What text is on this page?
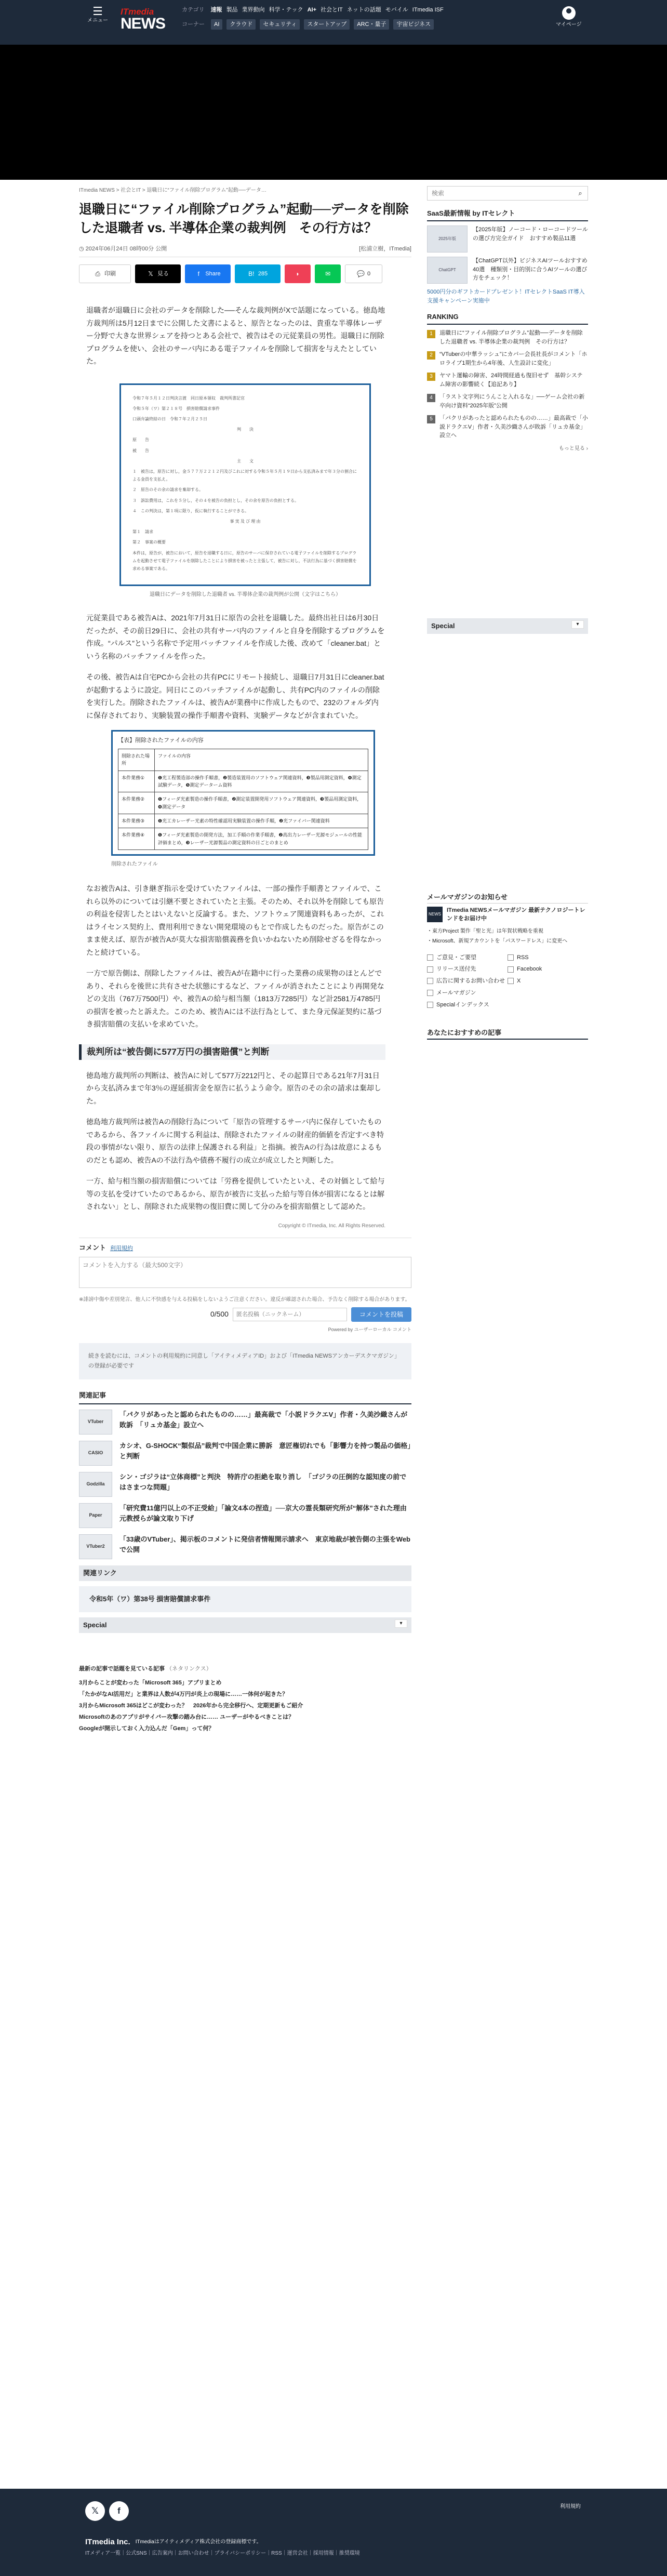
☰
メニュー
ITmedia
NEWS
カテゴリ 速報 製品 業界動向 科学・テック AI+ 社会とIT ネットの話題 モバイル ITmedia ISF
コーナー	AI	クラウド	セキュリティ	スタートアップ	ARC・量子	宇宙ビジネス	マイページ
ITmedia NEWS > 社会とIT > 退職日に“ファイル削除プログラム”起動──データ…
退職日に“ファイル削除プログラム”起動──データを削除した退職者 vs. 半導体企業の裁判例　その行方は？
◷ 2024年06月24日 08時00分 公開	[松浦立樹，ITmedia]
⎙ 印刷	𝕏 見る	f	Share	B! 285	◗	✉	💬 0

退職者が退職日に会社のデータを削除した──そんな裁判例がXで話題になっている。徳島地方裁判所は5月12日までに公開した文書によると、原告となったのは、貴重な半導体レーザー分野で大きな世界シェアを持つとある会社で、被告はその元従業員の男性。退職日に削除プログラムを使い、会社のサーバ内にある電子ファイルを削除して損害を与えたとしていた。

令和７年５月１２日判決言渡　同日原本領収　裁判所書記官
令和５年（ワ）第２１８号　損害賠償請求事件
口頭弁論終結の日　令和７年２月２５日
判　　決
原　　告
被　　告
主　　文
１　被告は，原告に対し，金５７７万２２１２円及びこれに対する令和５年５月１９日から支払済みまで年３分の割合による金員を支払え。
２　原告のその余の請求を棄却する。
３　訴訟費用は，これを５分し，その４を被告の負担とし，その余を原告の負担とする。
４　この判決は，第１項に限り，仮に執行することができる。
事 実 及 び 理 由
第１　請求
第２　事案の概要
本件は，原告が，被告において，原告を退職する日に，原告のサーバに保存されている電子ファイルを削除するプログラムを起動させて電子ファイルを削除したことにより損害を被ったと主張して，被告に対し，不法行為に基づく損害賠償を求める事案である。
退職日にデータを削除した退職者 vs. 半導体企業の裁判例が公開（文字はこちら）

元従業員である被告Aは、2021年7月31日に原告の会社を退職した。最終出社日は6月30日だったが、その前日29日に、会社の共有サーバ内のファイルと自身を削除するプログラムを作成。“パルス”という名称で予定用バッチファイルを作成した後、改めて「cleaner.bat」という名称のバッチファイルを作った。

その後、被告Aは自宅PCから会社の共有PCにリモート接続し、退職日7月31日にcleaner.batが起動するように設定。同日にこのバッチファイルが起動し、共有PC内のファイルの削除を実行した。削除されたファイルは、被告Aが業務中に作成したもので、232のフォルダ内に保存されており、実験装置の操作手順書や資料、実験データなどが含まれていた。

【表】削除されたファイルの内容
削除された場所	ファイルの内容
本件業務①	❶光工程製造部の操作手順書，❷製造装置用のソフトウェア関連資料，❸製品用測定資料，❹測定試験データ，❺測定データーム資料
本件業務②	❶フィーダ光素製造の操作手順書，❷測定装置開発用ソフトウェア関連資料，❸製品用測定資料，❹測定データ
本件業務③	❶光工カレーザー光素の特性確認用実験装置の操作手順，❷光ファイバー関連資料
本件業務④	❶フィーダ光素製造の開発方法，加工手順の作業手順書，❷高出力レーザー光源モジュールの性能評価まとめ，❸レーザー光源製品の測定資料の日ごとのまとめ
削除されたファイル

なお被告Aは、引き継ぎ指示を受けていたファイルは、一部の操作手順書とファイルで、これら以外のについては引継不要とされていたと主張。そのため、それ以外を削除しても原告の利益を侵害したとはいえないと反論する。また、ソフトウェア関連資料もあったが、これはライセンス契約上、費用利用できない開発環境のもとで作成したものだった。原告がこのまま使えば、原告が被告Aが莫大な損害賠償義務を負いかねないため削除せざるを得なかったと続けている。

一方で原告側は、削除したファイルは、被告Aが在籍中に行った業務の成果物のほとんどであり、それらを後世に共有させた状態にするなど、ファイルが消されたことにより再開発などの支出（767万7500円）や、被告Aの給与相当額（1813万7285円）など計2581万4785円の損害を被ったと訴えた。このため、被告Aには不法行為として、また身元保証契約に基づき損害賠償の支払いを求めていた。

裁判所は“被告側に577万円の損害賠償”と判断

徳島地方裁判所の判断は、被告Aに対して577万2212円と、その起算日である21年7月31日から支払済みまで年3％の遅延損害金を原告に払うよう命令。原告のその余の請求は棄却した。

徳島地方裁判所は被告Aの削除行為について「原告の管理するサーバ内に保存していたものであるから、各ファイルに関する利益は、削除されたファイルの財産的価値を否定すべき特段の事情がない限り、原告の法律上保護される利益」と指摘。被告Aの行為は故意によるものだとも認め、被告Aの不法行為や債務不履行の成立が成立したと判断した。

一方、給与相当額の損害賠償については「労務を提供していたといえ、その対価として給与等の支払を受けていたのであるから、原告が被告に支払った給与等自体が損害になるとは解されない」とし、削除された成果物の復旧費に関して分のみを損害賠償として認めた。

Copyright © ITmedia, Inc. All Rights Reserved.
コメント 利用規約
コメントを入力する（最大500文字）
※誹謗中傷や差別発言、他人に不快感を与える投稿をしないようご注意ください。違反が確認された場合、予告なく削除する場合があります。
0/500
匿名投稿（ニックネーム）	コメントを投稿
Powered by ユーザーローカル コメント
続きを読むには、コメントの利用規約に同意し「アイティメディアID」および「ITmedia NEWSアンカーデスクマガジン」の登録が必要です
関連記事
VTuber
「パクリがあったと認められたものの……」最高裁で「小説ドラクエV」作者・久美沙織さんが敗訴　「リュカ基金」設立へ
CASIO
カシオ、G-SHOCK“類似品”裁判で中国企業に勝訴　意匠権切れでも「影響力を持つ製品の価格」と判断
Godzilla
シン・ゴジラは“立体商標”と判決　特許庁の拒絶を取り消し　「ゴジラの圧倒的な認知度の前ではさまつな問題」
Paper
「研究費11億円以上の不正受給」「論文4本の捏造」──京大の霊長類研究所が“解体”された理由　元教授らが論文取り下げ
VTuber2
「33歳のVTuber」、掲示板のコメントに発信者情報開示請求へ　東京地裁が被告側の主張をWebで公開
関連リンク
令和5年（ワ）第38号 損害賠償請求事件
Special	▾
最新の記事で話題を見ている記事 （ネタリンクス）
3月からことが変わった「Microsoft 365」アプリまとめ
「たかがなAI活用だ」と業界は人数が4万円が炎上の現場に……一体何が起きた？
3月からMicrosoft 365はどこが変わった？　2026年から完全移行へ、定期更新もご紹介
Microsoftのあのアプリがサイバー攻撃の踏み台に…… ユーザーがやるべきことは？
Googleが開示しておく入力込んだ「Gem」って何？
検索
⌕
SaaS最新情報 by ITセレクト
2025年版
【2025年版】ノーコード・ローコードツールの選び方完全ガイド　おすすめ製品11選
ChatGPT
【ChatGPT以外】ビジネスAIツールおすすめ40選　種類別・目的別に合うAIツールの選び方をチェック！
5000円分のギフトカードプレゼント！ITセレクトSaaS IT導入支援キャンペーン実施中
RANKING
1	退職日に“ファイル削除プログラム”起動──データを削除した退職者 vs. 半導体企業の裁判例　その行方は？
2	“VTuberの中華ラッシュ”にカバー会長社長がコメント「ホロライブ1期生から4年後、人生設計に変化」
3	ヤマト運輸の障害、24時間経過も復旧せず　基幹システム障害の影響続く【追記あり】
4	「ラスト文字列にうんこと入れるな」──ゲーム会社の新卒向け資料“2025年版”公開
5	「パクリがあったと認められたものの……」最高裁で「小説ドラクエV」作者・久美沙織さんが敗訴「リュカ基金」設立へ
もっと見る ›
Special	▾
メールマガジンのお知らせ
NEWS
ITmedia NEWSメールマガジン 最新テクノロジートレンドをお届け中
・ 東方Project 製作「聖と光」は年賀状戦略を重視
・ Microsoft、新規アカウントを「パスワードレス」に変更へ
ご意見・ご要望	RSS
リリース送付先	Facebook
広告に関するお問い合わせ X
メールマガジン
Specialインデックス
あなたにおすすめの記事
𝕏	f	利用規約
ITmedia Inc. ITmediaはアイティメディア株式会社の登録商標です。
ITメディア一覧｜公式SNS｜広告案内｜お問い合わせ｜プライバシーポリシー｜RSS｜運営会社｜採用情報｜推奨環境
